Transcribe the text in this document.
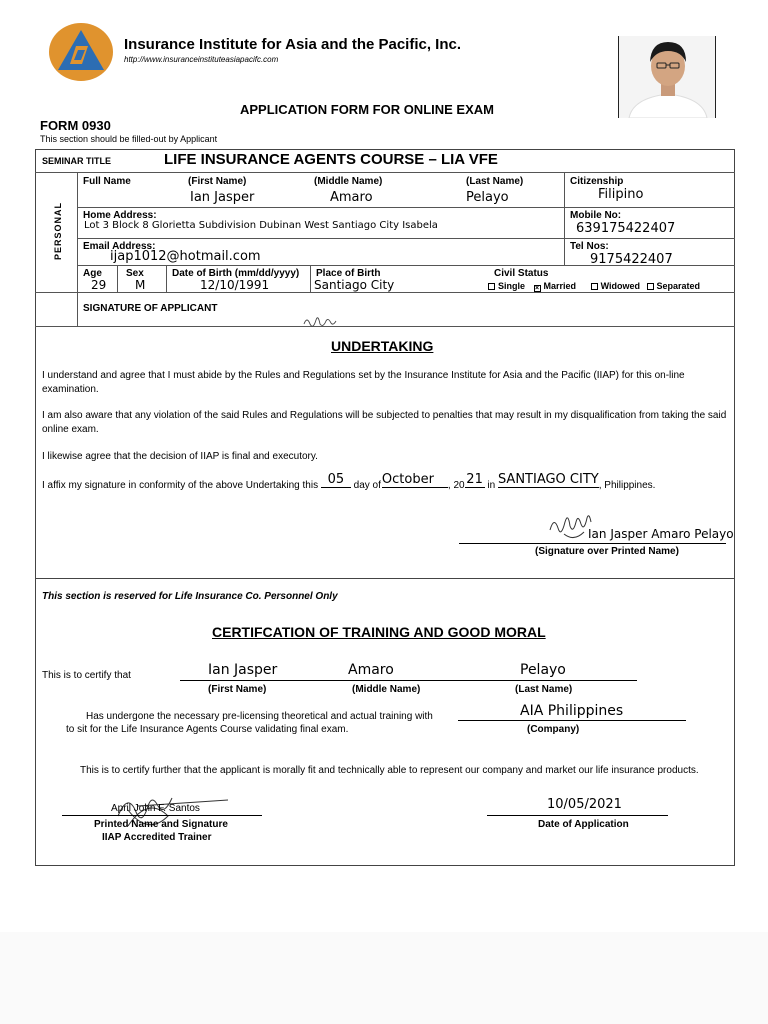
Insurance Institute for Asia and the Pacific, Inc.
http://www.insuranceinstituteasiapacifc.com
APPLICATION FORM FOR ONLINE EXAM
FORM 0930
This section should be filled-out by Applicant
SEMINAR TITLE	LIFE INSURANCE AGENTS COURSE – LIA VFE
PERSONAL
Full Name	(First Name)	(Middle Name)	(Last Name)
Ian Jasper	Amaro	Pelayo
Citizenship
Filipino
Home Address:
Lot 3 Block 8 Glorietta Subdivision Dubinan West Santiago City Isabela
Mobile No:
639175422407
Email Address:
ijap1012@hotmail.com
Tel Nos:
9175422407
Age
29
Sex
M
Date of Birth (mm/dd/yyyy)
12/10/1991
Place of Birth
Santiago City
Civil Status
Single × Married	Widowed Separated
SIGNATURE OF APPLICANT
UNDERTAKING
I understand and agree that I must abide by the Rules and Regulations set by the Insurance Institute for Asia and the Pacific (IIAP) for this on-line examination.
I am also aware that any violation of the said Rules and Regulations will be subjected to penalties that may result in my disqualification from taking the said online exam.
I likewise agree that the decision of IIAP is final and executory.
I affix my signature in conformity of the above Undertaking this 05 day ofOctober , 20 21 in SANTIAGO CITY, Philippines.
Ian Jasper Amaro Pelayo
(Signature over Printed Name)
This section is reserved for Life Insurance Co. Personnel Only
CERTIFCATION OF TRAINING AND GOOD MORAL
This is to certify that	Ian Jasper	Amaro	Pelayo
(First Name)	(Middle Name)	(Last Name)
Has undergone the necessary pre-licensing theoretical and actual training with
to sit for the Life Insurance Agents Course validating final exam.
AIA Philippines
(Company)
This is to certify further that the applicant is morally fit and technically able to represent our company and market our life insurance products.
April John F. Santos
Printed Name and Signature
IIAP Accredited Trainer
10/05/2021
Date of Application
